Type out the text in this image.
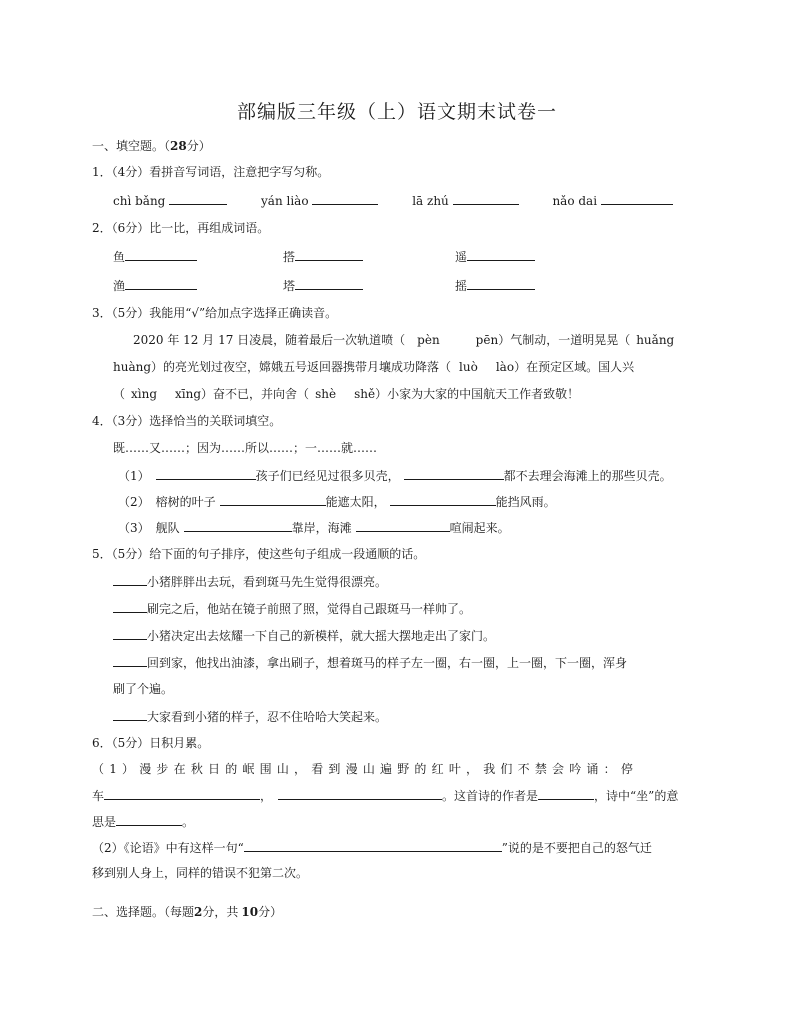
部编版三年级（上）语文期末试卷一
一、填空题。（28分）
1．（4分）看拼音写词语，注意把字写匀称。
chì bǎng	yán liào	lā zhú	nǎo dai
2．（6分）比一比，再组成词语。
鱼	搭	遥
渔	塔	摇
3．（5分）我能用“√”给加点字选择正确读音。
2020 年 12 月 17 日凌晨，随着最后一次轨道喷（ pèn	pēn）气制动，一道明晃晃（ huǎng
huàng）的亮光划过夜空，嫦娥五号返回器携带月壤成功降落（ luò lào）在预定区域。国人兴
（ xìng xīng）奋不已，并向舍（ shè shě）小家为大家的中国航天工作者致敬！
4．（3分）选择恰当的关联词填空。
既……又……；因为……所以……；一……就……
（1）	孩子们已经见过很多贝壳，	都不去理会海滩上的那些贝壳。
（2） 榕树的叶子	能遮太阳，	能挡风雨。
（3） 舰队	靠岸，海滩	喧闹起来。
5．（5分）给下面的句子排序，使这些句子组成一段通顺的话。
小猪胖胖出去玩，看到斑马先生觉得很漂亮。
刷完之后，他站在镜子前照了照，觉得自己跟斑马一样帅了。
小猪决定出去炫耀一下自己的新模样，就大摇大摆地走出了家门。
回到家，他找出油漆，拿出刷子，想着斑马的样子左一圈，右一圈，上一圈，下一圈，浑身
刷了个遍。
大家看到小猪的样子，忍不住哈哈大笑起来。
6．（5分）日积月累。
（1）漫步在秋日的岷围山，看到漫山遍野的红叶，我们不禁会吟诵：停
车	，	。这首诗的作者是	，诗中“坐”的意
思是	。
（2）《论语》中有这样一句“	”说的是不要把自己的怒气迁
移到别人身上，同样的错误不犯第二次。
二、选择题。（每题2分，共 10分）
